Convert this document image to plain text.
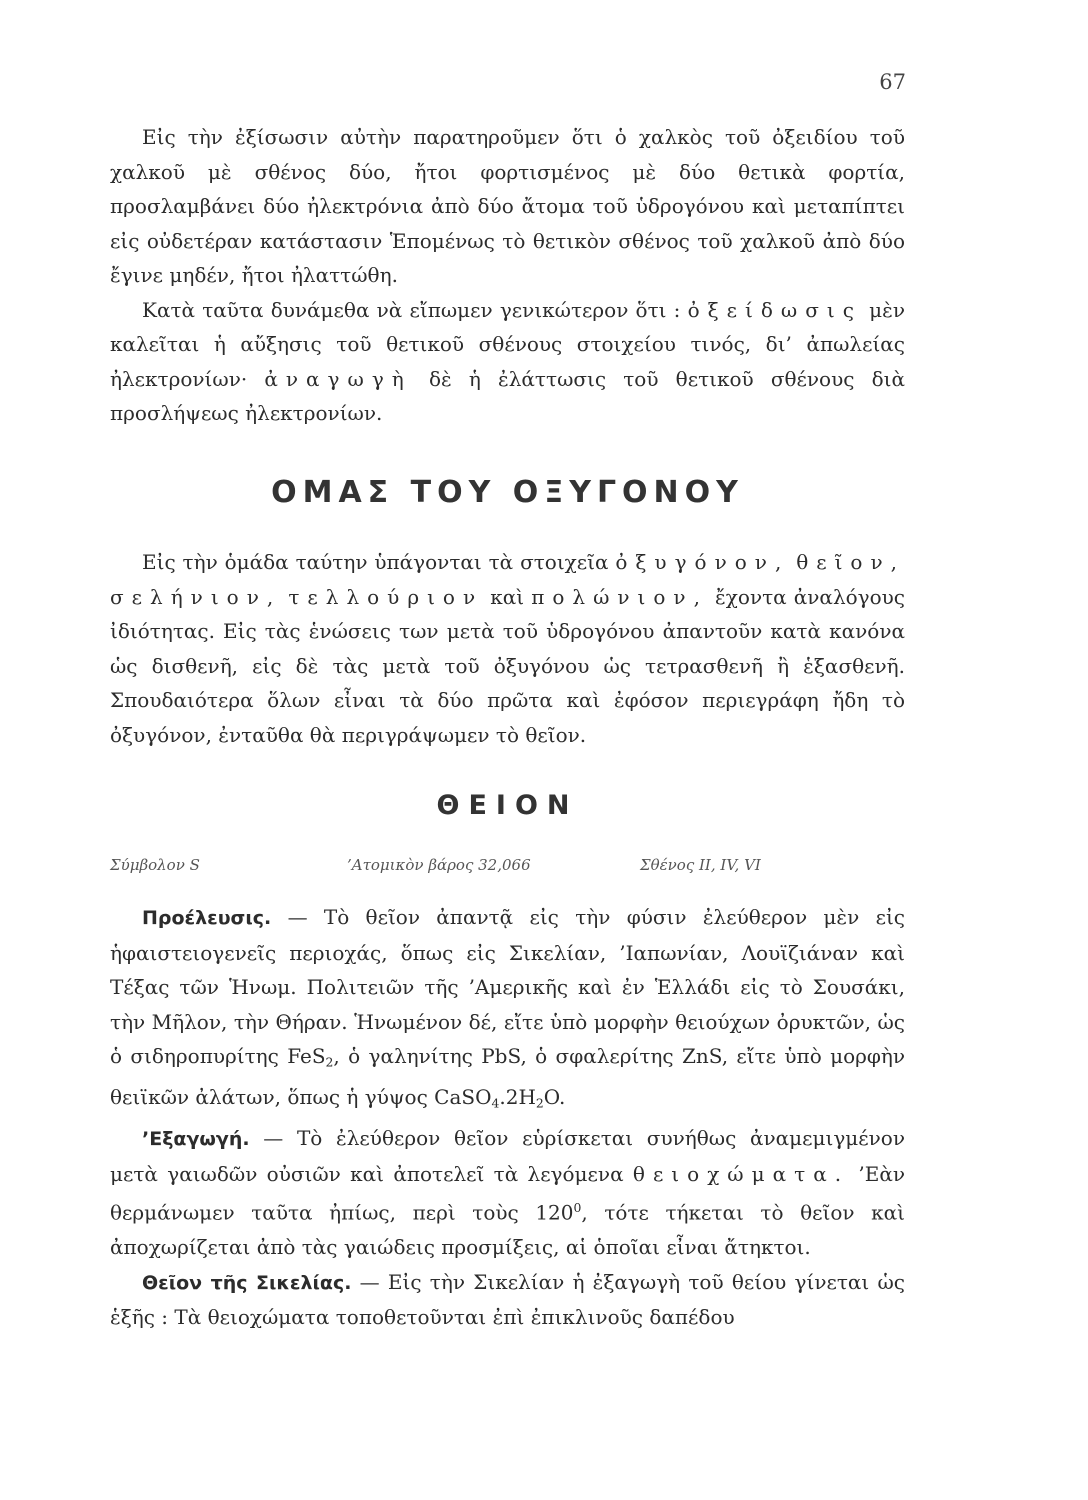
67

Εἰς τὴν ἐξίσωσιν αὐτὴν παρατηροῦμεν ὅτι ὁ χαλκὸς τοῦ ὀξειδίου τοῦ χαλκοῦ μὲ σθένος δύο, ἤτοι φορτισμένος μὲ δύο θετικὰ φορτία, προσλαμβάνει δύο ἠλεκτρόνια ἀπὸ δύο ἄτομα τοῦ ὑδρογόνου καὶ μεταπίπτει εἰς οὐδετέραν κατάστασιν Ἑπομένως τὸ θετικὸν σθένος τοῦ χαλκοῦ ἀπὸ δύο ἔγινε μηδέν, ἤτοι ἠλαττώθη.

Κατὰ ταῦτα δυνάμεθα νὰ εἴπωμεν γενικώτερον ὅτι : ὀξείδωσις μὲν καλεῖται ἡ αὔξησις τοῦ θετικοῦ σθένους στοιχείου τινός, δι’ ἀπωλείας ἠλεκτρονίων· ἀναγωγὴ δὲ ἡ ἐλάττωσις τοῦ θετικοῦ σθένους διὰ προσλήψεως ἠλεκτρονίων.

ΟΜΑΣ ΤΟΥ ΟΞΥΓΟΝΟΥ

Εἰς τὴν ὁμάδα ταύτην ὑπάγονται τὰ στοιχεῖα ὀξυγόνον, θεῖον, σελήνιον, τελλούριον καὶ πολώνιον, ἔχοντα ἀναλόγους ἰδιότητας. Εἰς τὰς ἑνώσεις των μετὰ τοῦ ὑδρογόνου ἀπαντοῦν κατὰ κανόνα ὡς δισθενῆ, εἰς δὲ τὰς μετὰ τοῦ ὀξυγόνου ὡς τετρασθενῆ ἢ ἑξασθενῆ. Σπουδαιότερα ὅλων εἶναι τὰ δύο πρῶτα καὶ ἐφόσον περιεγράφη ἤδη τὸ ὀξυγόνον, ἐνταῦθα θὰ περιγράψωμεν τὸ θεῖον.

ΘΕΙΟΝ
Σύμβολον S	’Ατομικὸν βάρος 32,066	Σθένος II, IV, VI

Προέλευσις. — Τὸ θεῖον ἀπαντᾷ εἰς τὴν φύσιν ἐλεύθερον μὲν εἰς ἡφαιστειογενεῖς περιοχάς, ὅπως εἰς Σικελίαν, ’Ιαπωνίαν, Λουϊζιάναν καὶ Τέξας τῶν Ἡνωμ. Πολιτειῶν τῆς ’Αμερικῆς καὶ ἐν Ἑλλάδι εἰς τὸ Σουσάκι, τὴν Μῆλον, τὴν Θήραν. Ἡνωμένον δέ, εἴτε ὑπὸ μορφὴν θειούχων ὀρυκτῶν, ὡς ὁ σιδηροπυρίτης FeS$_2$, ὁ γαληνίτης PbS, ὁ σφαλερίτης ZnS, εἴτε ὑπὸ μορφὴν θειϊκῶν ἀλάτων, ὅπως ἡ γύψος $CaSO_4.2H_2O$.

’Εξαγωγή. — Τὸ ἐλεύθερον θεῖον εὑρίσκεται συνήθως ἀναμεμιγμένον μετὰ γαιωδῶν οὐσιῶν καὶ ἀποτελεῖ τὰ λεγόμενα θειοχώματα. ’Εὰν θερμάνωμεν ταῦτα ἠπίως, περὶ τοὺς $120^0$, τότε τήκεται τὸ θεῖον καὶ ἀποχωρίζεται ἀπὸ τὰς γαιώδεις προσμίξεις, αἱ ὁποῖαι εἶναι ἄτηκτοι.

Θεῖον τῆς Σικελίας. — Εἰς τὴν Σικελίαν ἡ ἐξαγωγὴ τοῦ θείου γίνεται ὡς ἑξῆς : Τὰ θειοχώματα τοποθετοῦνται ἐπὶ ἐπικλινοῦς δαπέδου
